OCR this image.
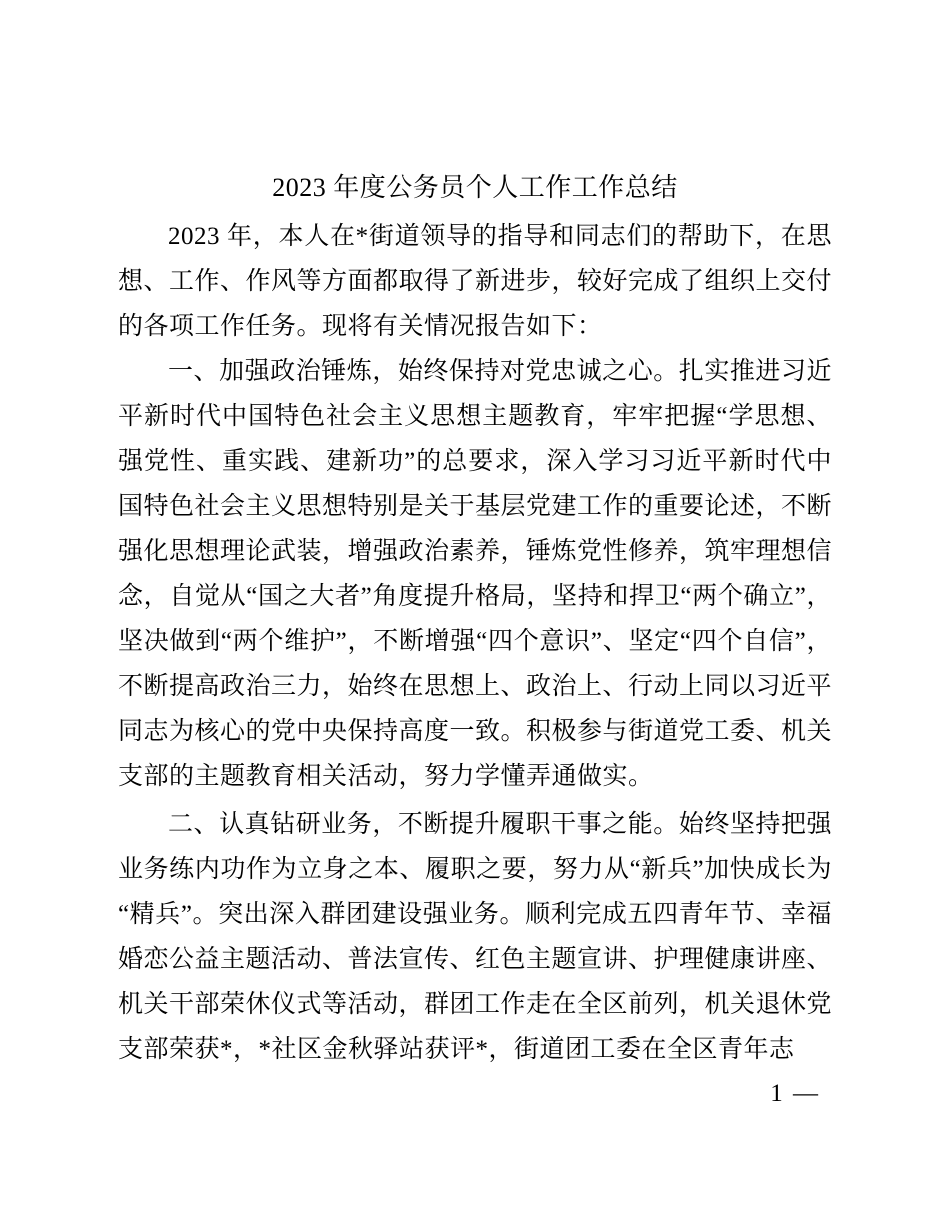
2023 年度公务员个人工作工作总结

2023 年，本人在*街道领导的指导和同志们的帮助下，在思想、工作、作风等方面都取得了新进步，较好完成了组织上交付的各项工作任务。现将有关情况报告如下：

一、加强政治锤炼，始终保持对党忠诚之心。扎实推进习近平新时代中国特色社会主义思想主题教育，牢牢把握“学思想、强党性、重实践、建新功”的总要求，深入学习习近平新时代中国特色社会主义思想特别是关于基层党建工作的重要论述，不断强化思想理论武装，增强政治素养，锤炼党性修养，筑牢理想信念，自觉从“国之大者”角度提升格局，坚持和捍卫“两个确立”，坚决做到“两个维护”，不断增强“四个意识”、坚定“四个自信”，不断提高政治三力，始终在思想上、政治上、行动上同以习近平同志为核心的党中央保持高度一致。积极参与街道党工委、机关支部的主题教育相关活动，努力学懂弄通做实。

二、认真钻研业务，不断提升履职干事之能。始终坚持把强业务练内功作为立身之本、履职之要，努力从“新兵”加快成长为“精兵”。突出深入群团建设强业务。顺利完成五四青年节、幸福婚恋公益主题活动、普法宣传、红色主题宣讲、护理健康讲座、机关干部荣休仪式等活动，群团工作走在全区前列，机关退休党支部荣获*，*社区金秋驿站获评*，街道团工委在全区青年志

1 —
